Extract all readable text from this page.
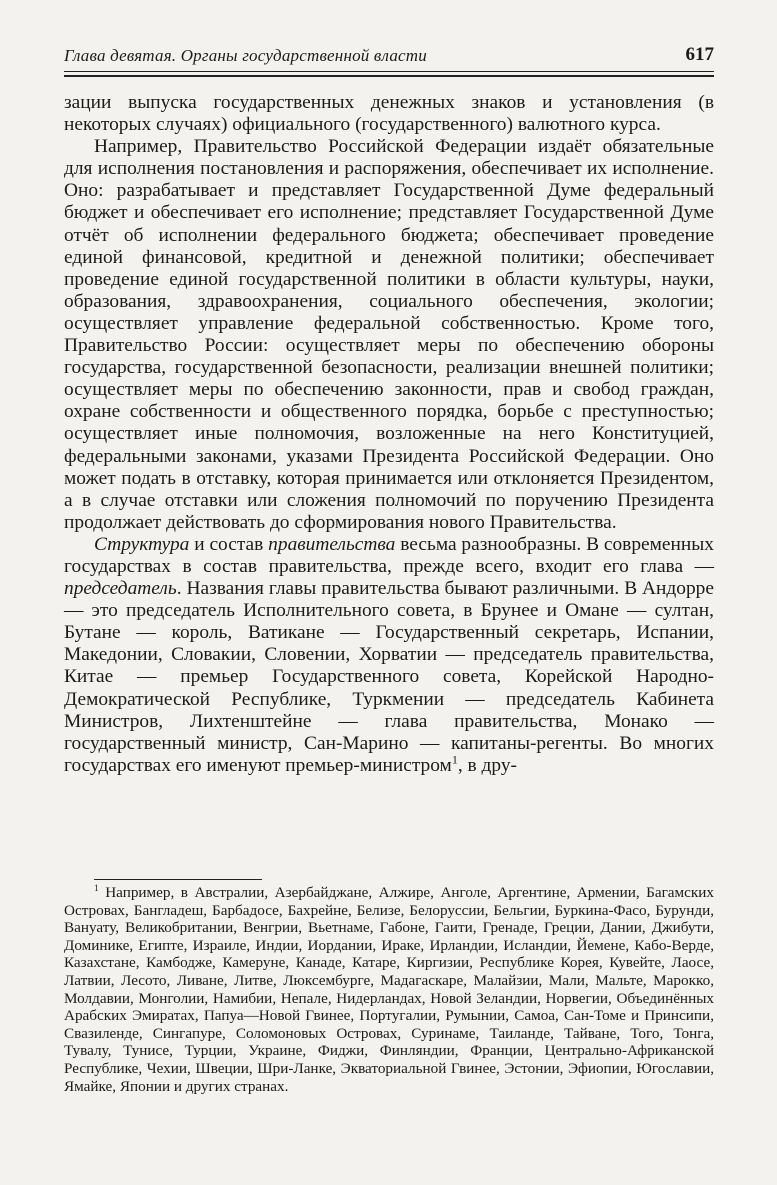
Глава девятая. Органы государственной власти	617

зации выпуска государственных денежных знаков и установления (в некоторых случаях) официального (государственного) валютного курса.

Например, Правительство Российской Федерации издаёт обязательные для исполнения постановления и распоряжения, обеспечивает их исполнение. Оно: разрабатывает и представляет Государственной Думе федеральный бюджет и обеспечивает его исполнение; представляет Государственной Думе отчёт об исполнении федерального бюджета; обеспечивает проведение единой финансовой, кредитной и денежной политики; обеспечивает проведение единой государственной политики в области культуры, науки, образования, здравоохранения, социального обеспечения, экологии; осуществляет управление федеральной собственностью. Кроме того, Правительство России: осуществляет меры по обеспечению обороны государства, государственной безопасности, реализации внешней политики; осуществляет меры по обеспечению законности, прав и свобод граждан, охране собственности и общественного порядка, борьбе с преступностью; осуществляет иные полномочия, возложенные на него Конституцией, федеральными законами, указами Президента Российской Федерации. Оно может подать в отставку, которая принимается или отклоняется Президентом, а в случае отставки или сложения полномочий по поручению Президента продолжает действовать до сформирования нового Правительства.

Структура и состав правительства весьма разнообразны. В современных государствах в состав правительства, прежде всего, входит его глава — председатель. Названия главы правительства бывают различными. В Андорре — это председатель Исполнительного совета, в Брунее и Омане — султан, Бутане — король, Ватикане — Государственный секретарь, Испании, Македонии, Словакии, Словении, Хорватии — председатель правительства, Китае — премьер Государственного совета, Корейской Народно-Демократической Республике, Туркмении — председатель Кабинета Министров, Лихтенштейне — глава правительства, Монако — государственный министр, Сан-Марино — капитаны-регенты. Во многих государствах его именуют премьер-министром$^1$, в дру-

$^1$ Например, в Австралии, Азербайджане, Алжире, Анголе, Аргентине, Армении, Багамских Островах, Бангладеш, Барбадосе, Бахрейне, Белизе, Белоруссии, Бельгии, Буркина-Фасо, Бурунди, Вануату, Великобритании, Венгрии, Вьетнаме, Габоне, Гаити, Гренаде, Греции, Дании, Джибути, Доминике, Египте, Израиле, Индии, Иордании, Ираке, Ирландии, Исландии, Йемене, Кабо-Верде, Казахстане, Камбодже, Камеруне, Канаде, Катаре, Киргизии, Республике Корея, Кувейте, Лаосе, Латвии, Лесото, Ливане, Литве, Люксембурге, Мадагаскаре, Малайзии, Мали, Мальте, Марокко, Молдавии, Монголии, Намибии, Непале, Нидерландах, Новой Зеландии, Норвегии, Объединённых Арабских Эмиратах, Папуа—Новой Гвинее, Португалии, Румынии, Самоа, Сан-Томе и Принсипи, Свазиленде, Сингапуре, Соломоновых Островах, Суринаме, Таиланде, Тайване, Того, Тонга, Тувалу, Тунисе, Турции, Украине, Фиджи, Финляндии, Франции, Центрально-Африканской Республике, Чехии, Швеции, Шри-Ланке, Экваториальной Гвинее, Эстонии, Эфиопии, Югославии, Ямайке, Японии и других странах.
